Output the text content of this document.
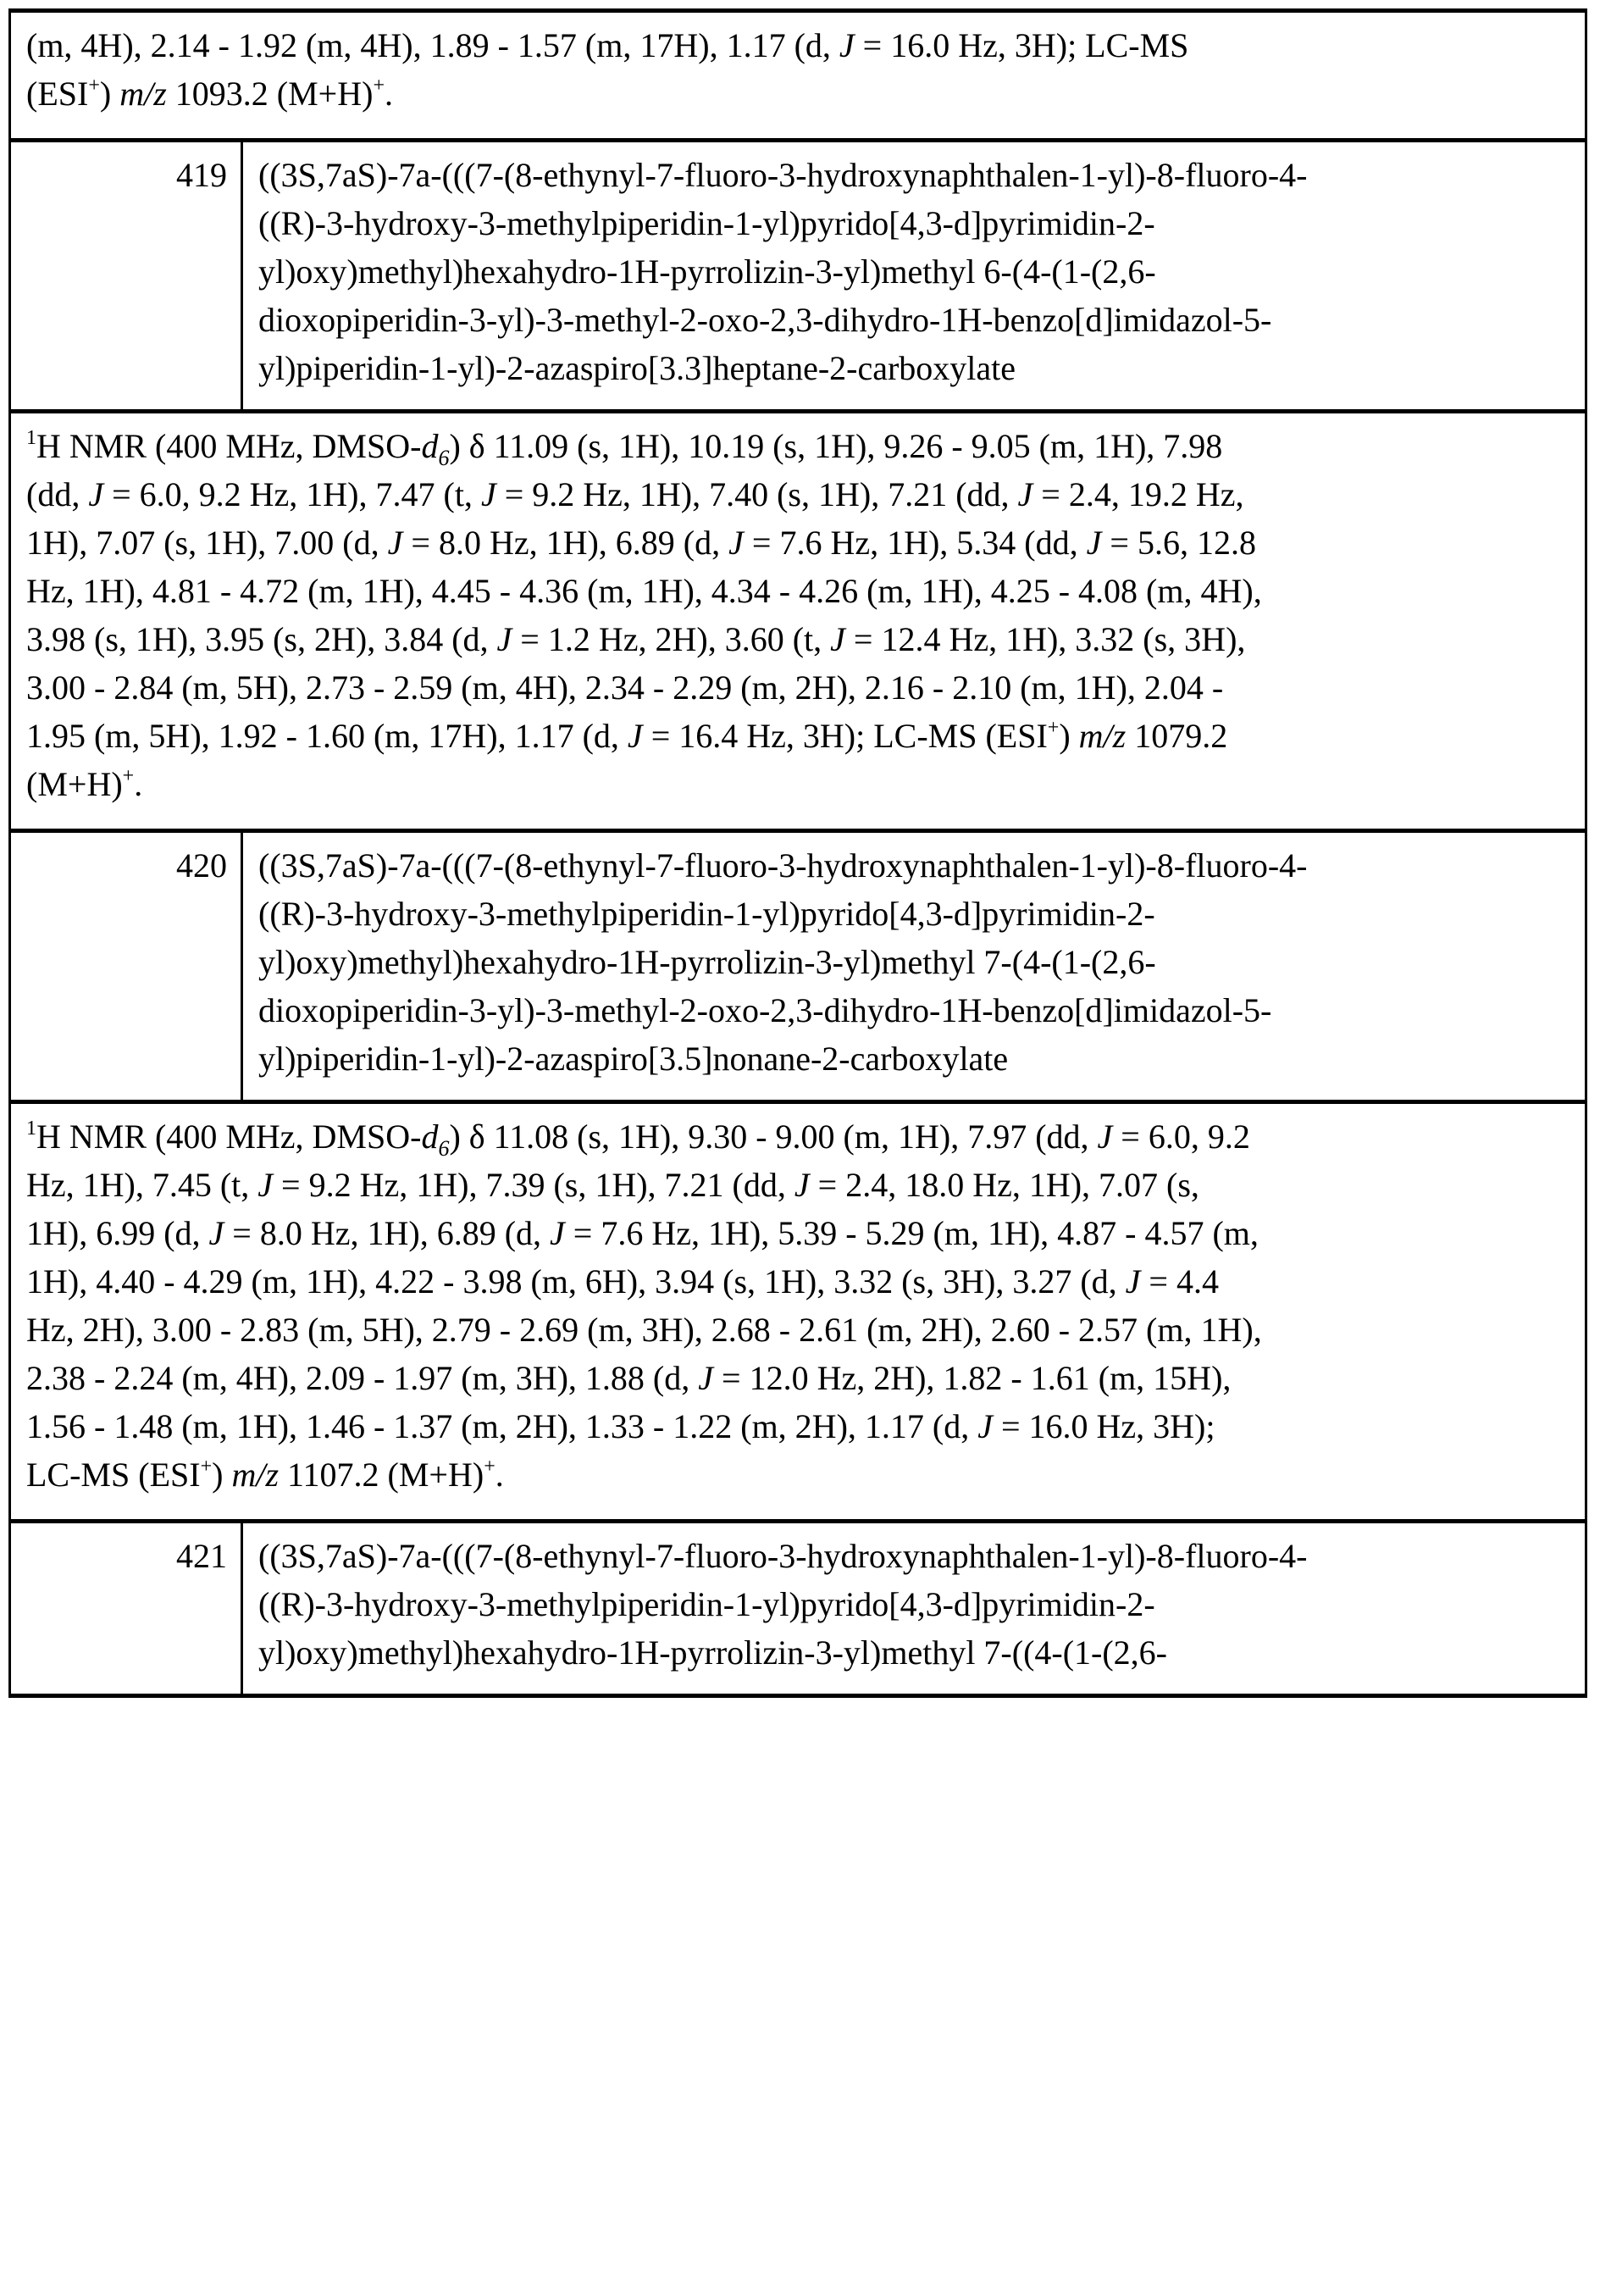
(m, 4H), 2.14 - 1.92 (m, 4H), 1.89 - 1.57 (m, 17H), 1.17 (d, J = 16.0 Hz, 3H); LC-MS
(ESI+) m/z 1093.2 (M+H)+.
419 ((3S,7aS)-7a-(((7-(8-ethynyl-7-fluoro-3-hydroxynaphthalen-1-yl)-8-fluoro-4-
((R)-3-hydroxy-3-methylpiperidin-1-yl)pyrido[4,3-d]pyrimidin-2-
yl)oxy)methyl)hexahydro-1H-pyrrolizin-3-yl)methyl 6-(4-(1-(2,6-
dioxopiperidin-3-yl)-3-methyl-2-oxo-2,3-dihydro-1H-benzo[d]imidazol-5-
yl)piperidin-1-yl)-2-azaspiro[3.3]heptane-2-carboxylate
$^1$H NMR (400 MHz, DMSO-$d_6$) δ 11.09 (s, 1H), 10.19 (s, 1H), 9.26 - 9.05 (m, 1H), 7.98
(dd, J = 6.0, 9.2 Hz, 1H), 7.47 (t, J = 9.2 Hz, 1H), 7.40 (s, 1H), 7.21 (dd, J = 2.4, 19.2 Hz,
1H), 7.07 (s, 1H), 7.00 (d, J = 8.0 Hz, 1H), 6.89 (d, J = 7.6 Hz, 1H), 5.34 (dd, J = 5.6, 12.8
Hz, 1H), 4.81 - 4.72 (m, 1H), 4.45 - 4.36 (m, 1H), 4.34 - 4.26 (m, 1H), 4.25 - 4.08 (m, 4H),
3.98 (s, 1H), 3.95 (s, 2H), 3.84 (d, J = 1.2 Hz, 2H), 3.60 (t, J = 12.4 Hz, 1H), 3.32 (s, 3H),
3.00 - 2.84 (m, 5H), 2.73 - 2.59 (m, 4H), 2.34 - 2.29 (m, 2H), 2.16 - 2.10 (m, 1H), 2.04 -
1.95 (m, 5H), 1.92 - 1.60 (m, 17H), 1.17 (d, J = 16.4 Hz, 3H); LC-MS (ESI+) m/z 1079.2
(M+H)+.
420 ((3S,7aS)-7a-(((7-(8-ethynyl-7-fluoro-3-hydroxynaphthalen-1-yl)-8-fluoro-4-
((R)-3-hydroxy-3-methylpiperidin-1-yl)pyrido[4,3-d]pyrimidin-2-
yl)oxy)methyl)hexahydro-1H-pyrrolizin-3-yl)methyl 7-(4-(1-(2,6-
dioxopiperidin-3-yl)-3-methyl-2-oxo-2,3-dihydro-1H-benzo[d]imidazol-5-
yl)piperidin-1-yl)-2-azaspiro[3.5]nonane-2-carboxylate
$^1$H NMR (400 MHz, DMSO-$d_6$) δ 11.08 (s, 1H), 9.30 - 9.00 (m, 1H), 7.97 (dd, J = 6.0, 9.2
Hz, 1H), 7.45 (t, J = 9.2 Hz, 1H), 7.39 (s, 1H), 7.21 (dd, J = 2.4, 18.0 Hz, 1H), 7.07 (s,
1H), 6.99 (d, J = 8.0 Hz, 1H), 6.89 (d, J = 7.6 Hz, 1H), 5.39 - 5.29 (m, 1H), 4.87 - 4.57 (m,
1H), 4.40 - 4.29 (m, 1H), 4.22 - 3.98 (m, 6H), 3.94 (s, 1H), 3.32 (s, 3H), 3.27 (d, J = 4.4
Hz, 2H), 3.00 - 2.83 (m, 5H), 2.79 - 2.69 (m, 3H), 2.68 - 2.61 (m, 2H), 2.60 - 2.57 (m, 1H),
2.38 - 2.24 (m, 4H), 2.09 - 1.97 (m, 3H), 1.88 (d, J = 12.0 Hz, 2H), 1.82 - 1.61 (m, 15H),
1.56 - 1.48 (m, 1H), 1.46 - 1.37 (m, 2H), 1.33 - 1.22 (m, 2H), 1.17 (d, J = 16.0 Hz, 3H);
LC-MS (ESI+) m/z 1107.2 (M+H)+.
421 ((3S,7aS)-7a-(((7-(8-ethynyl-7-fluoro-3-hydroxynaphthalen-1-yl)-8-fluoro-4-
((R)-3-hydroxy-3-methylpiperidin-1-yl)pyrido[4,3-d]pyrimidin-2-
yl)oxy)methyl)hexahydro-1H-pyrrolizin-3-yl)methyl 7-((4-(1-(2,6-
